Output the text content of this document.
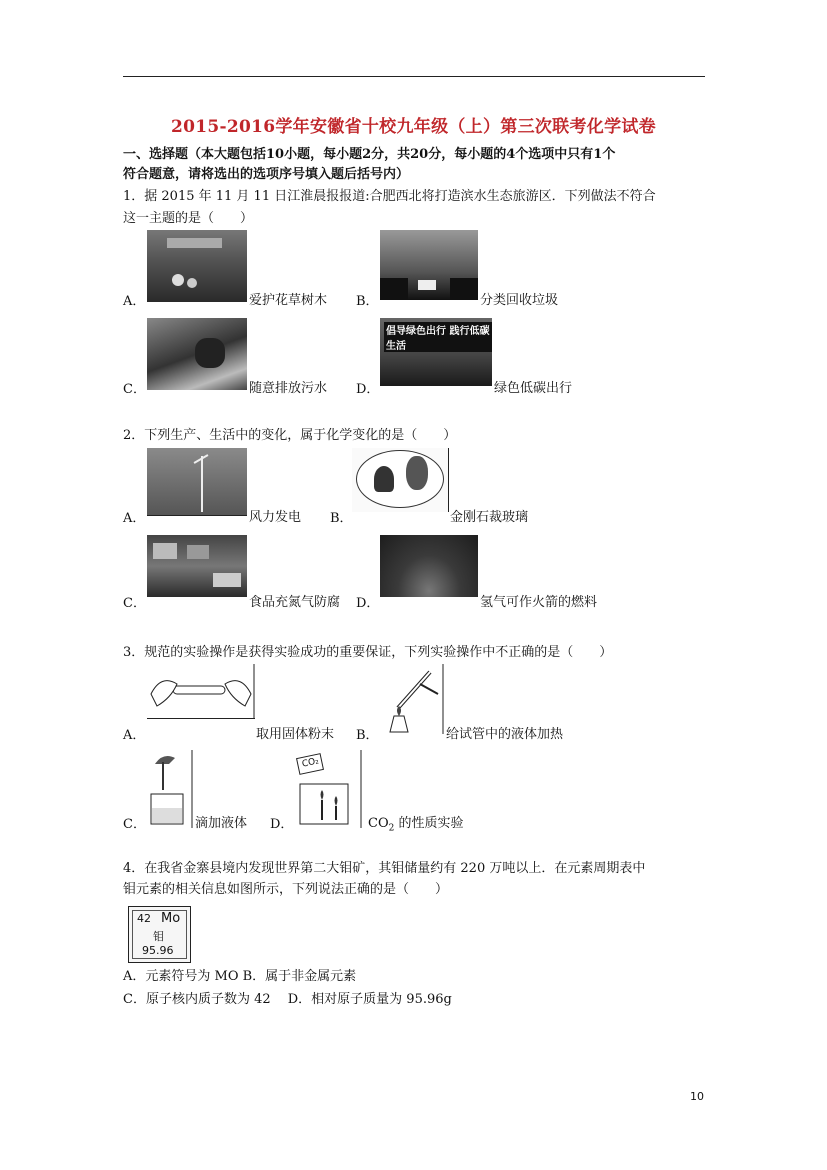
2015-2016学年安徽省十校九年级（上）第三次联考化学试卷
一、选择题（本大题包括10小题，每小题2分，共20分，每小题的4个选项中只有1个
符合题意，请将选出的选项序号填入题后括号内）
1．据 2015 年 11 月 11 日江淮晨报报道:合肥西北将打造滨水生态旅游区．下列做法不符合
这一主题的是（　　）
A．	爱护花草树木 B．	分类回收垃圾
C．	随意排放污水
倡导绿色出行 践行低碳生活
D．	绿色低碳出行
2．下列生产、生活中的变化，属于化学变化的是（　　）
A．	风力发电 B．	金刚石裁玻璃
C．	食品充氮气防腐 D．	氢气可作火箭的燃料
3．规范的实验操作是获得实验成功的重要保证，下列实验操作中不正确的是（　　）
A．	取用固体粉末 B．	给试管中的液体加热
C．	滴加液体
CO₂
D．	$CO_2$ 的性质实验
4．在我省金寨县境内发现世界第二大钼矿，其钼储量约有 220 万吨以上．在元素周期表中
钼元素的相关信息如图所示，下列说法正确的是（　　）
42 Mo
钼
95.96
A．元素符号为 MO B．属于非金属元素
C．原子核内质子数为 42　 D．相对原子质量为 95.96g
10
